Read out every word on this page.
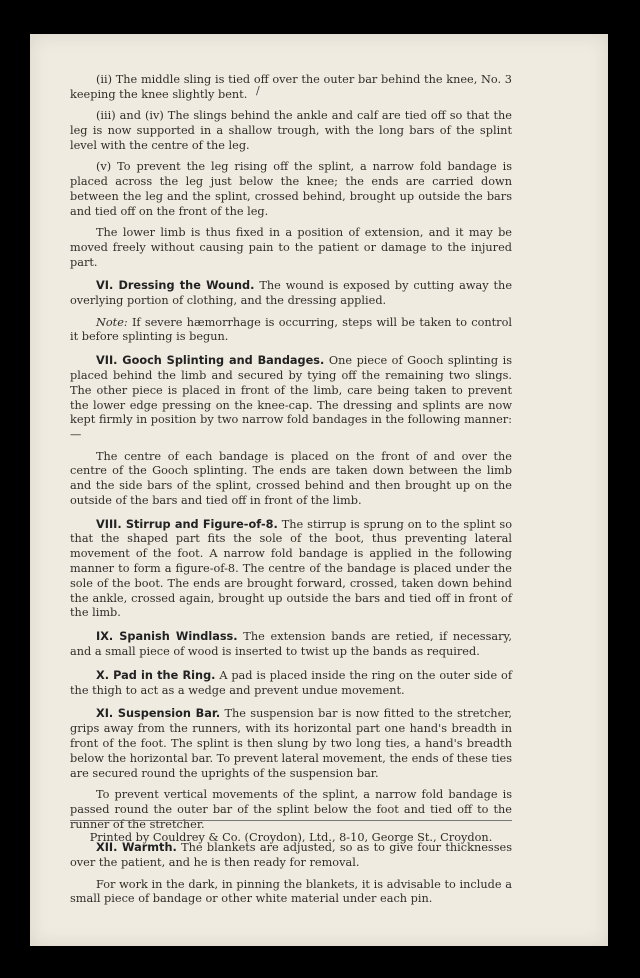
/

(ii) The middle sling is tied off over the outer bar behind the knee, No. 3 keeping the knee slightly bent.

(iii) and (iv) The slings behind the ankle and calf are tied off so that the leg is now supported in a shallow trough, with the long bars of the splint level with the centre of the leg.

(v) To prevent the leg rising off the splint, a narrow fold bandage is placed across the leg just below the knee; the ends are carried down between the leg and the splint, crossed behind, brought up outside the bars and tied off on the front of the leg.

The lower limb is thus fixed in a position of extension, and it may be moved freely without causing pain to the patient or damage to the injured part.

VI. Dressing the Wound. The wound is exposed by cutting away the overlying portion of clothing, and the dressing applied.

Note: If severe hæmorrhage is occurring, steps will be taken to control it before splinting is begun.

VII. Gooch Splinting and Bandages. One piece of Gooch splinting is placed behind the limb and secured by tying off the remaining two slings. The other piece is placed in front of the limb, care being taken to prevent the lower edge pressing on the knee-cap. The dressing and splints are now kept firmly in position by two narrow fold bandages in the following manner:—

The centre of each bandage is placed on the front of and over the centre of the Gooch splinting. The ends are taken down between the limb and the side bars of the splint, crossed behind and then brought up on the outside of the bars and tied off in front of the limb.

VIII. Stirrup and Figure-of-8. The stirrup is sprung on to the splint so that the shaped part fits the sole of the boot, thus preventing lateral movement of the foot. A narrow fold bandage is applied in the following manner to form a figure-of-8. The centre of the bandage is placed under the sole of the boot. The ends are brought forward, crossed, taken down behind the ankle, crossed again, brought up outside the bars and tied off in front of the limb.

IX. Spanish Windlass. The extension bands are retied, if necessary, and a small piece of wood is inserted to twist up the bands as required.

X. Pad in the Ring. A pad is placed inside the ring on the outer side of the thigh to act as a wedge and prevent undue movement.

XI. Suspension Bar. The suspension bar is now fitted to the stretcher, grips away from the runners, with its horizontal part one hand's breadth in front of the foot. The splint is then slung by two long ties, a hand's breadth below the horizontal bar. To prevent lateral movement, the ends of these ties are secured round the uprights of the suspension bar.

To prevent vertical movements of the splint, a narrow fold bandage is passed round the outer bar of the splint below the foot and tied off to the runner of the stretcher.

XII. Warmth. The blankets are adjusted, so as to give four thicknesses over the patient, and he is then ready for removal.

For work in the dark, in pinning the blankets, it is advisable to include a small piece of bandage or other white material under each pin.

Printed by Couldrey & Co. (Croydon), Ltd., 8-10, George St., Croydon.
